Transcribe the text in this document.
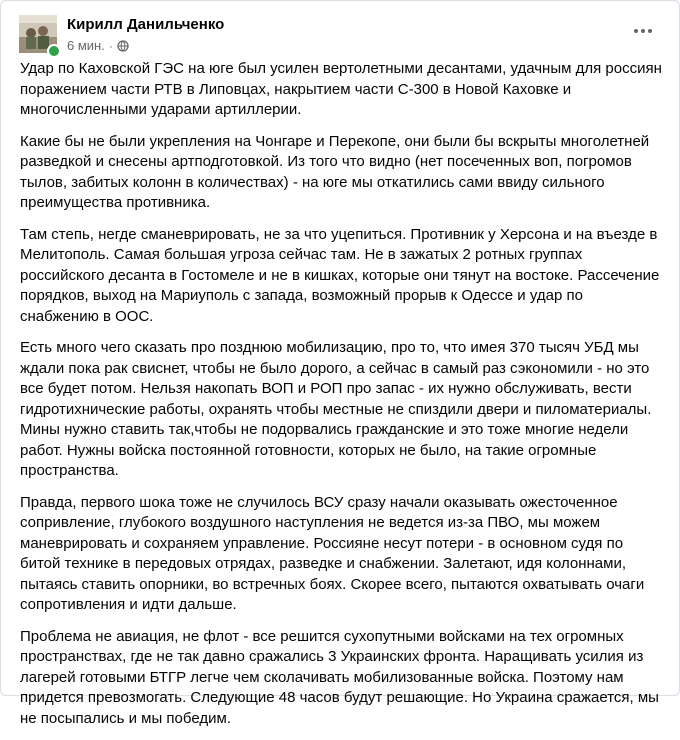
Кирилл Данильченко
6 мин. ·

Удар по Каховской ГЭС на юге был усилен вертолетными десантами, удачным для россиян поражением части РТВ в Липовцах, накрытием части С-300 в Новой Каховке и многочисленными ударами артиллерии.

Какие бы не были укрепления на Чонгаре и Перекопе, они были бы вскрыты многолетней разведкой и снесены артподготовкой. Из того что видно (нет посеченных воп, погромов тылов, забитых колонн в количествах) - на юге мы откатились сами ввиду сильного преимущества противника.

Там степь, негде сманеврировать, не за что уцепиться. Противник у Херсона и на въезде в Мелитополь. Самая большая угроза сейчас там. Не в зажатых 2 ротных группах российского десанта в Гостомеле и не в кишках, которые они тянут на востоке. Рассечение порядков, выход на Мариуполь с запада, возможный прорыв к Одессе и удар по снабжению в ООС.

Есть много чего сказать про позднюю мобилизацию, про то, что имея 370 тысяч УБД мы ждали пока рак свиснет, чтобы не было дорого, а сейчас в самый раз сэкономили - но это все будет потом. Нельзя накопать ВОП и РОП про запас - их нужно обслуживать, вести гидротихнические работы, охранять чтобы местные не спиздили двери и пиломатериалы. Мины нужно ставить так,чтобы не подорвались гражданские и это тоже многие недели работ. Нужны войска постоянной готовности, которых не было, на такие огромные пространства.

Правда, первого шока тоже не случилось ВСУ сразу начали оказывать ожесточенное сопривление, глубокого воздушного наступления не ведется из-за ПВО, мы можем маневрировать и сохраняем управление. Россияне несут потери - в основном судя по битой технике в передовых отрядах, разведке и снабжении. Залетают, идя колоннами, пытаясь ставить опорники, во встречных боях. Скорее всего, пытаются охватывать очаги сопротивления и идти дальше.

Проблема не авиация, не флот - все решится сухопутными войсками на тех огромных пространствах, где не так давно сражались 3 Украинских фронта. Наращивать усилия из лагерей готовыми БТГР легче чем сколачивать мобилизованные войска. Поэтому нам придется превозмогать. Следующие 48 часов будут решающие. Но Украина сражается, мы не посыпались и мы победим.
